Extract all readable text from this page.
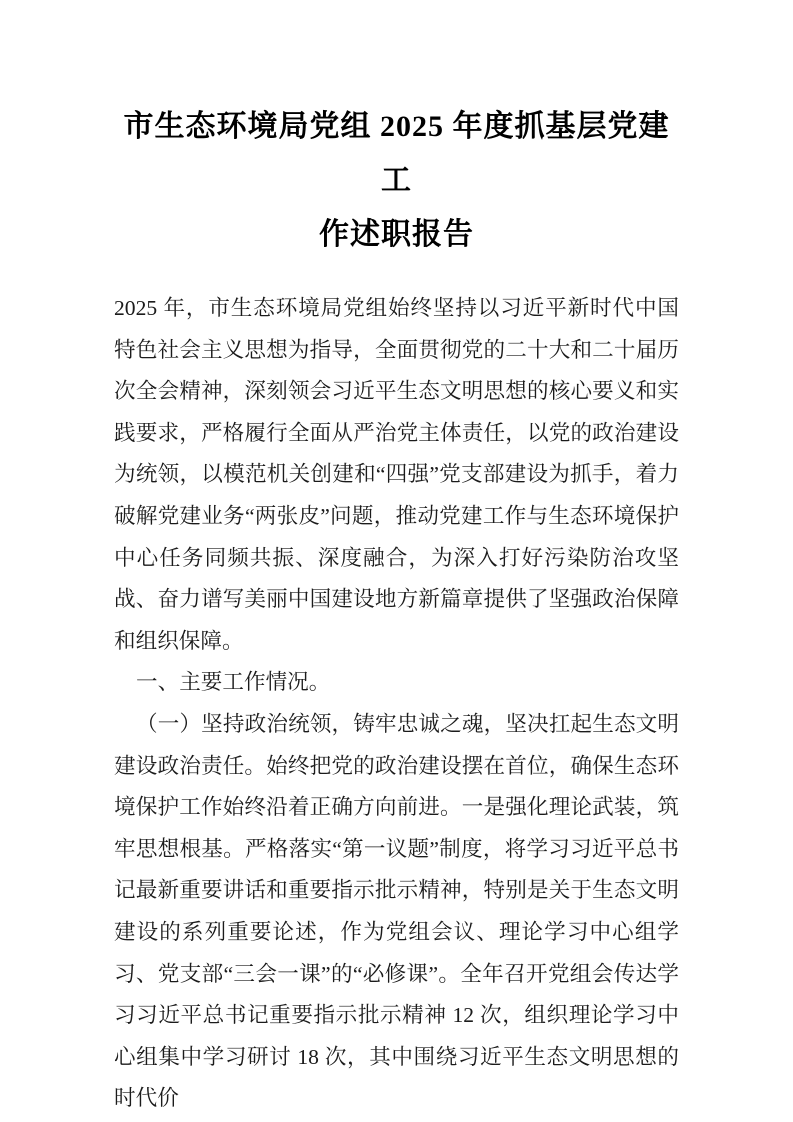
市生态环境局党组 2025 年度抓基层党建工
作述职报告

2025 年，市生态环境局党组始终坚持以习近平新时代中国特色社会主义思想为指导，全面贯彻党的二十大和二十届历次全会精神，深刻领会习近平生态文明思想的核心要义和实践要求，严格履行全面从严治党主体责任，以党的政治建设为统领，以模范机关创建和“四强”党支部建设为抓手，着力破解党建业务“两张皮”问题，推动党建工作与生态环境保护中心任务同频共振、深度融合，为深入打好污染防治攻坚战、奋力谱写美丽中国建设地方新篇章提供了坚强政治保障和组织保障。

一、主要工作情况。

（一）坚持政治统领，铸牢忠诚之魂，坚决扛起生态文明建设政治责任。始终把党的政治建设摆在首位，确保生态环境保护工作始终沿着正确方向前进。一是强化理论武装，筑牢思想根基。严格落实“第一议题”制度，将学习习近平总书记最新重要讲话和重要指示批示精神，特别是关于生态文明建设的系列重要论述，作为党组会议、理论学习中心组学习、党支部“三会一课”的“必修课”。全年召开党组会传达学习习近平总书记重要指示批示精神 12 次，组织理论学习中心组集中学习研讨 18 次，其中围绕习近平生态文明思想的时代价
